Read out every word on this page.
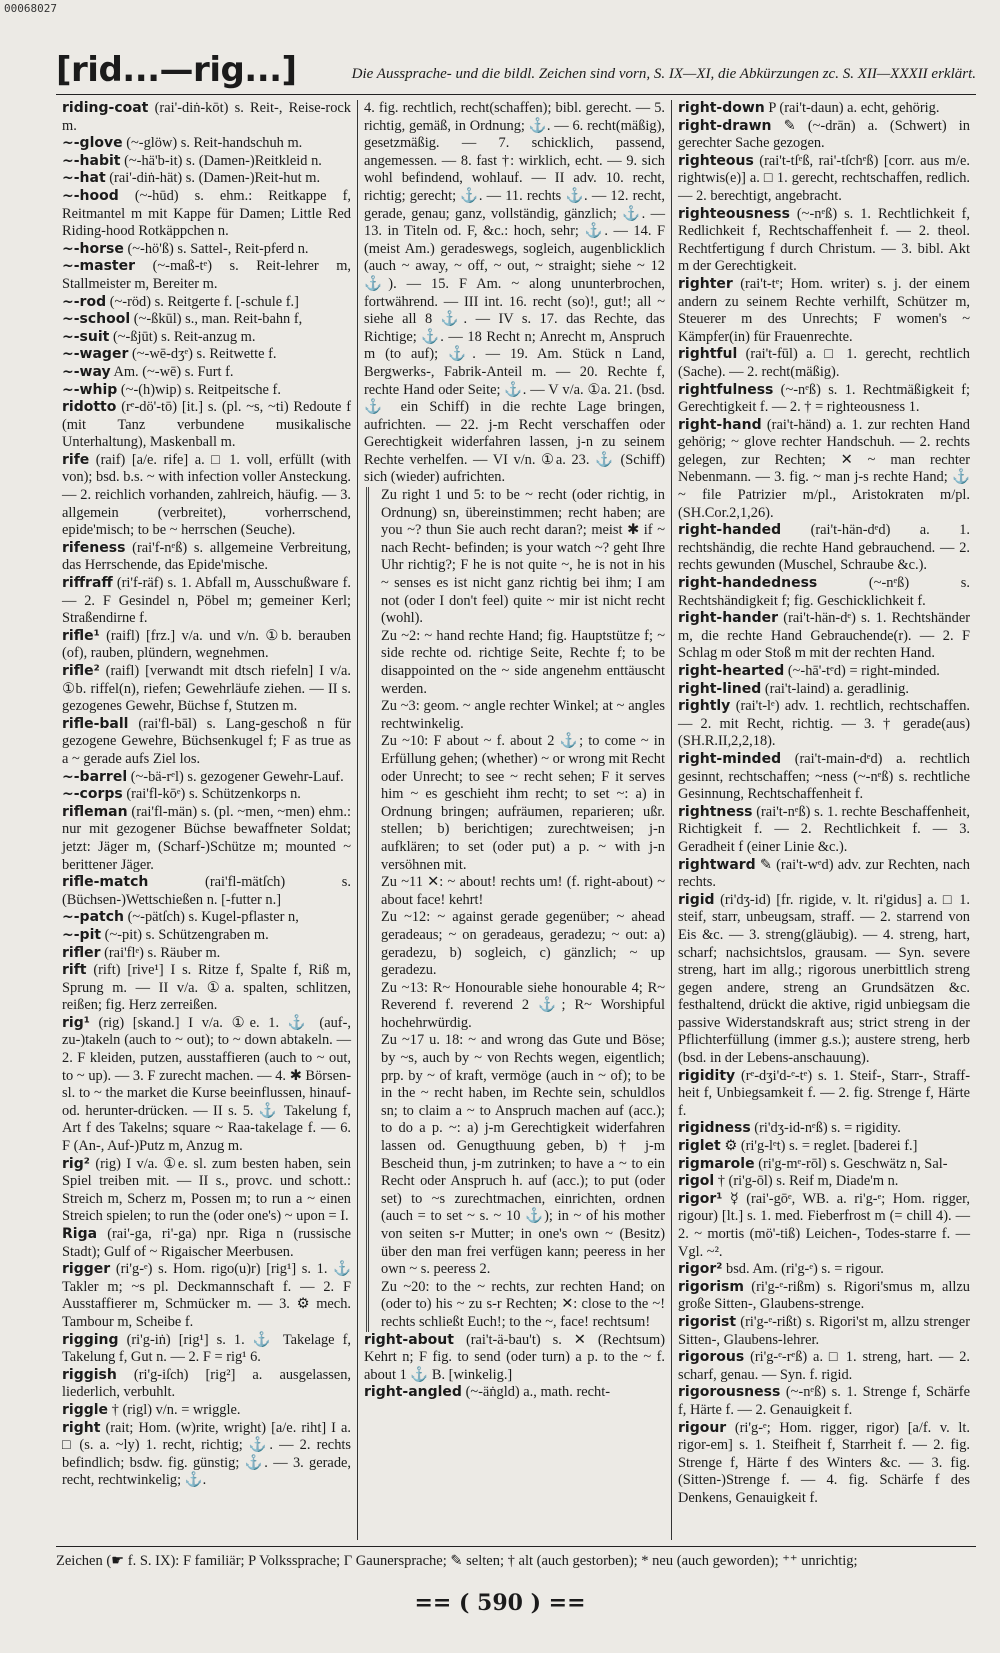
00068027
[rid...—rig...]	Die Aussprache- und die bildl. Zeichen sind vorn, S. IX—XI, die Abkürzungen zc. S. XII—XXXII erklärt.

riding-coat (rai'-diṅ-kōt) s. Reit-, Reise-rock m.

~-glove (~-glöw) s. Reit-handschuh m.

~-habit (~-hä'b-it) s. (Damen-)Reitkleid n.

~-hat (rai'-diṅ-hät) s. (Damen-)Reit-hut m.

~-hood (~-hūd) s. ehm.: Reitkappe f, Reitmantel m mit Kappe für Damen; Little Red Riding-hood Rotkäppchen n.

~-horse (~-hö'ß) s. Sattel-, Reit-pferd n.

~-master (~-maß-tᵉ) s. Reit-lehrer m, Stallmeister m, Bereiter m.

~-rod (~-röd) s. Reitgerte f. [-schule f.]

~-school (~-ßkūl) s., man. Reit-bahn f,

~-suit (~-ßjūt) s. Reit-anzug m.

~-wager (~-wē-dʒᵉ) s. Reitwette f.

~-way Am. (~-wē) s. Furt f.

~-whip (~-(h)wip) s. Reitpeitsche f.

ridotto (rᵉ-dö'-tō) [it.] s. (pl. ~s, ~ti) Redoute f (mit Tanz verbundene musikalische Unterhaltung), Maskenball m.

rife (raif) [a/e. rife] a. □ 1. voll, erfüllt (with von); bsd. b.s. ~ with infection voller Ansteckung. — 2. reichlich vorhanden, zahlreich, häufig. — 3. allgemein (verbreitet), vorherrschend, epide'misch; to be ~ herrschen (Seuche).

rifeness (rai'f-nᵉß) s. allgemeine Verbreitung, das Herrschende, das Epide'mische.

riffraff (ri'f-räf) s. 1. Abfall m, Ausschußware f. — 2. F Gesindel n, Pöbel m; gemeiner Kerl; Straßendirne f.

rifle¹ (raifl) [frz.] v/a. und v/n. ①b. berauben (of), rauben, plündern, wegnehmen.

rifle² (raifl) [verwandt mit dtsch riefeln] I v/a. ①b. riffel(n), riefen; Gewehrläufe ziehen. — II s. gezogenes Gewehr, Büchse f, Stutzen m.

rifle-ball (rai'fl-bāl) s. Lang-geschoß n für gezogene Gewehre, Büchsenkugel f; F as true as a ~ gerade aufs Ziel los.

~-barrel (~-bä-rᵉl) s. gezogener Gewehr-Lauf.

~-corps (rai'fl-kōᵉ) s. Schützenkorps n.

rifleman (rai'fl-män) s. (pl. ~men, ~men) ehm.: nur mit gezogener Büchse bewaffneter Soldat; jetzt: Jäger m, (Scharf-)Schütze m; mounted ~ berittener Jäger.

rifle-match	(rai'fl-mätſch) s. (Büchsen-)Wettschießen n. [-futter n.]

~-patch (~-pätſch) s. Kugel-pflaster n,

~-pit (~-pit) s. Schützengraben m.

rifler (rai'flᵉ) s. Räuber m.

rift (rift) [rive¹] I s. Ritze f, Spalte f, Riß m, Sprung m. — II v/a. ①a. spalten, schlitzen, reißen; fig. Herz zerreißen.

rig¹ (rig) [skand.] I v/a. ①e. 1. ⚓ (auf-, zu-)takeln (auch to ~ out); to ~ down abtakeln. — 2. F kleiden, putzen, ausstaffieren (auch to ~ out, to ~ up). — 3. F zurecht machen. — 4. ✱ Börsen-sl. to ~ the market die Kurse beeinflussen, hinauf- od. herunter-drücken. — II s. 5. ⚓ Takelung f, Art f des Takelns; square ~ Raa-takelage f. — 6. F (An-, Auf-)Putz m, Anzug m.

rig² (rig) I v/a. ①e. sl. zum besten haben, sein Spiel treiben mit. — II s., provc. und schott.: Streich m, Scherz m, Possen m; to run a ~ einen Streich spielen; to run the (oder one's) ~ upon = I.

Riga (rai'-ga, ri'-ga) npr. Riga n (russische Stadt); Gulf of ~ Rigaischer Meerbusen.

rigger (ri'g-ᵉ) s. Hom. rigo(u)r) [rig¹] s. 1. ⚓ Takler m; ~s pl. Deckmannschaft f. — 2. F Ausstaffierer m, Schmücker m. — 3. ⚙ mech. Tambour m, Scheibe f.

rigging (ri'g-iṅ) [rig¹] s. 1. ⚓ Takelage f, Takelung f, Gut n. — 2. F = rig¹ 6.

riggish (ri'g-iſch) [rig²] a. ausgelassen, liederlich, verbuhlt.

riggle † (rigl) v/n. = wriggle.

right (rait; Hom. (w)rite, wright) [a/e. riht] I a. □ (s. a. ~ly) 1. recht, richtig; ⚓. — 2. rechts befindlich; bsdw. fig. günstig; ⚓. — 3. gerade, recht, rechtwinkelig; ⚓.

4. fig. rechtlich, recht(schaffen); bibl. gerecht. — 5. richtig, gemäß, in Ordnung; ⚓. — 6. recht(mäßig), gesetzmäßig. — 7. schicklich, passend, angemessen. — 8. fast †: wirklich, echt. — 9. sich wohl befindend, wohlauf. — II adv. 10. recht, richtig; gerecht; ⚓. — 11. rechts ⚓. — 12. recht, gerade, genau; ganz, vollständig, gänzlich; ⚓. — 13. in Titeln od. F, &c.: hoch, sehr; ⚓. — 14. F (meist Am.) geradeswegs, sogleich, augenblicklich (auch ~ away, ~ off, ~ out, ~ straight; siehe ~ 12 ⚓). — 15. F Am. ~ along ununterbrochen, fortwährend. — III int. 16. recht (so)!, gut!; all ~ siehe all 8 ⚓. — IV s. 17. das Rechte, das Richtige; ⚓. — 18 Recht n; Anrecht m, Anspruch m (to auf); ⚓. — 19. Am. Stück n Land, Bergwerks-, Fabrik-Anteil m. — 20. Rechte f, rechte Hand oder Seite; ⚓. — V v/a. ①a. 21. (bsd. ⚓ ein Schiff) in die rechte Lage bringen, aufrichten. — 22. j-m Recht verschaffen oder Gerechtigkeit widerfahren lassen, j-n zu seinem Rechte verhelfen. — VI v/n. ①a. 23. ⚓ (Schiff) sich (wieder) aufrichten.

Zu right 1 und 5: to be ~ recht (oder richtig, in Ordnung) sn, übereinstimmen; recht haben; are you ~? thun Sie auch recht daran?; meist ✱ if ~ nach Recht- befinden; is your watch ~? geht Ihre Uhr richtig?; F he is not quite ~, he is not in his ~ senses es ist nicht ganz richtig bei ihm; I am not (oder I don't feel) quite ~ mir ist nicht recht (wohl).

Zu ~2: ~ hand rechte Hand; fig. Hauptstütze f; ~ side rechte od. richtige Seite, Rechte f; to be disappointed on the ~ side angenehm enttäuscht werden.

Zu ~3: geom. ~ angle rechter Winkel; at ~ angles rechtwinkelig.

Zu ~10: F about ~ f. about 2 ⚓; to come ~ in Erfüllung gehen; (whether) ~ or wrong mit Recht oder Unrecht; to see ~ recht sehen; F it serves him ~ es geschieht ihm recht; to set ~: a) in Ordnung bringen; aufräumen, reparieren; ußr. stellen; b) berichtigen; zurechtweisen; j-n aufklären; to set (oder put) a p. ~ with j-n versöhnen mit.

Zu ~11 ✕: ~ about! rechts um! (f. right-about) ~ about face! kehrt!

Zu ~12: ~ against gerade gegenüber; ~ ahead geradeaus; ~ on geradeaus, geradezu; ~ out: a) geradezu, b) sogleich, c) gänzlich; ~ up geradezu.

Zu ~13: R~ Honourable siehe honourable 4; R~ Reverend f. reverend 2 ⚓; R~ Worshipful hochehrwürdig.

Zu ~17 u. 18: ~ and wrong das Gute und Böse; by ~s, auch by ~ von Rechts wegen, eigentlich; prp. by ~ of kraft, vermöge (auch in ~ of); to be in the ~ recht haben, im Rechte sein, schuldlos sn; to claim a ~ to Anspruch machen auf (acc.); to do a p. ~: a) j-m Gerechtigkeit widerfahren lassen od. Genugthuung geben, b) † j-m Bescheid thun, j-m zutrinken; to have a ~ to ein Recht oder Anspruch h. auf (acc.); to put (oder set) to ~s zurechtmachen, einrichten, ordnen (auch = to set ~ s. ~ 10 ⚓); in ~ of his mother von seiten s-r Mutter; in one's own ~ (Besitz) über den man frei verfügen kann; peeress in her own ~ s. peeress 2.

Zu ~20: to the ~ rechts, zur rechten Hand; on (oder to) his ~ zu s-r Rechten; ✕: close to the ~! rechts schließt Euch!; to the ~, face! rechtsum!

right-about (rai't-ä-bau't) s. ✕ (Rechtsum) Kehrt n; F fig. to send (oder turn) a p. to the ~ f. about 1 ⚓ B. [winkelig.]

right-angled (~-äṅgld) a., math. recht-

right-down P (rai't-daun) a. echt, gehörig.

right-drawn ✎ (~-drān) a. (Schwert) in gerechter Sache gezogen.

righteous (rai't-tſᵉß, rai'-tſchᵉß) [corr. aus m/e. rightwis(e)] a. □ 1. gerecht, rechtschaffen, redlich. — 2. berechtigt, angebracht.

righteousness (~-nᵉß) s. 1. Rechtlichkeit f, Redlichkeit f, Rechtschaffenheit f. — 2. theol. Rechtfertigung f durch Christum. — 3. bibl. Akt m der Gerechtigkeit.

righter (rai't-tᵉ; Hom. writer) s. j. der einem andern zu seinem Rechte verhilft, Schützer m, Steuerer m des Unrechts; F women's ~ Kämpfer(in) für Frauenrechte.

rightful (rai't-fūl) a. □ 1. gerecht, rechtlich (Sache). — 2. recht(mäßig).

rightfulness (~-nᵉß) s. 1. Rechtmäßigkeit f; Gerechtigkeit f. — 2. † = righteousness 1.

right-hand (rai't-händ) a. 1. zur rechten Hand gehörig; ~ glove rechter Handschuh. — 2. rechts gelegen, zur Rechten; ✕ ~ man rechter Nebenmann. — 3. fig. ~ man j-s rechte Hand; ⚓ ~ file Patrizier m/pl., Aristokraten m/pl. (SH.Cor.2,1,26).

right-handed (rai't-hän-dᵉd) a. 1. rechtshändig, die rechte Hand gebrauchend. — 2. rechts gewunden (Muschel, Schraube &c.).

right-handedness	(~-nᵉß) s. Rechtshändigkeit f; fig. Geschicklichkeit f.

right-hander (rai't-hän-dᵉ) s. 1. Rechtshänder m, die rechte Hand Gebrauchende(r). — 2. F Schlag m oder Stoß m mit der rechten Hand.

right-hearted (~-hā'-tᵉd) = right-minded.

right-lined (rai't-laind) a. geradlinig.

rightly (rai't-lᵉ) adv. 1. rechtlich, rechtschaffen. — 2. mit Recht, richtig. — 3. † gerade(aus) (SH.R.II,2,2,18).

right-minded (rai't-main-dᵉd) a. rechtlich gesinnt, rechtschaffen; ~ness (~-nᵉß) s. rechtliche Gesinnung, Rechtschaffenheit f.

rightness (rai't-nᵉß) s. 1. rechte Beschaffenheit, Richtigkeit f. — 2. Rechtlichkeit f. — 3. Geradheit f (einer Linie &c.).

rightward ✎ (rai't-wᵉd) adv. zur Rechten, nach rechts.

rigid (ri'dʒ-id) [fr. rigide, v. lt. ri'gidus] a. □ 1. steif, starr, unbeugsam, straff. — 2. starrend von Eis &c. — 3. streng(gläubig). — 4. streng, hart, scharf; nachsichtslos, grausam. — Syn. severe streng, hart im allg.; rigorous unerbittlich streng gegen andere, streng an Grundsätzen &c. festhaltend, drückt die aktive, rigid unbiegsam die passive Widerstandskraft aus; strict streng in der Pflichterfüllung (immer g.s.); austere streng, herb (bsd. in der Lebens-anschauung).

rigidity (rᵉ-dʒi'd-ᵉ-tᵉ) s. 1. Steif-, Starr-, Straff-heit f, Unbiegsamkeit f. — 2. fig. Strenge f, Härte f.

rigidness (ri'dʒ-id-nᵉß) s. = rigidity.

riglet ⚙ (ri'g-lᵉt) s. = reglet. [baderei f.]

rigmarole (ri'g-mᵉ-rōl) s. Geschwätz n, Sal-

rigol † (ri'g-ōl) s. Reif m, Diade'm n.

rigor¹ ☿ (rai'-gōᵉ, WB. a. ri'g-ᵉ; Hom. rigger, rigour) [lt.] s. 1. med. Fieberfrost m (= chill 4). — 2. ~ mortis (mö'-tiß) Leichen-, Todes-starre f. — Vgl. ~².

rigor² bsd. Am. (ri'g-ᵉ) s. = rigour.

rigorism (ri'g-ᵉ-rißm) s. Rigori'smus m, allzu große Sitten-, Glaubens-strenge.

rigorist (ri'g-ᵉ-rißt) s. Rigori'st m, allzu strenger Sitten-, Glaubens-lehrer.

rigorous (ri'g-ᵉ-rᵉß) a. □ 1. streng, hart. — 2. scharf, genau. — Syn. f. rigid.

rigorousness (~-nᵉß) s. 1. Strenge f, Schärfe f, Härte f. — 2. Genauigkeit f.

rigour (ri'g-ᵉ; Hom. rigger, rigor) [a/f. v. lt. rigor-em] s. 1. Steifheit f, Starrheit f. — 2. fig. Strenge f, Härte f des Winters &c. — 3. fig. (Sitten-)Strenge f. — 4. fig. Schärfe f des Denkens, Genauigkeit f.

Zeichen (☛ f. S. IX): F familiär; P Volkssprache; Γ Gaunersprache; ✎ selten; † alt (auch gestorben); * neu (auch geworden); ⁺⁺ unrichtig;
== ( 590 ) ==
